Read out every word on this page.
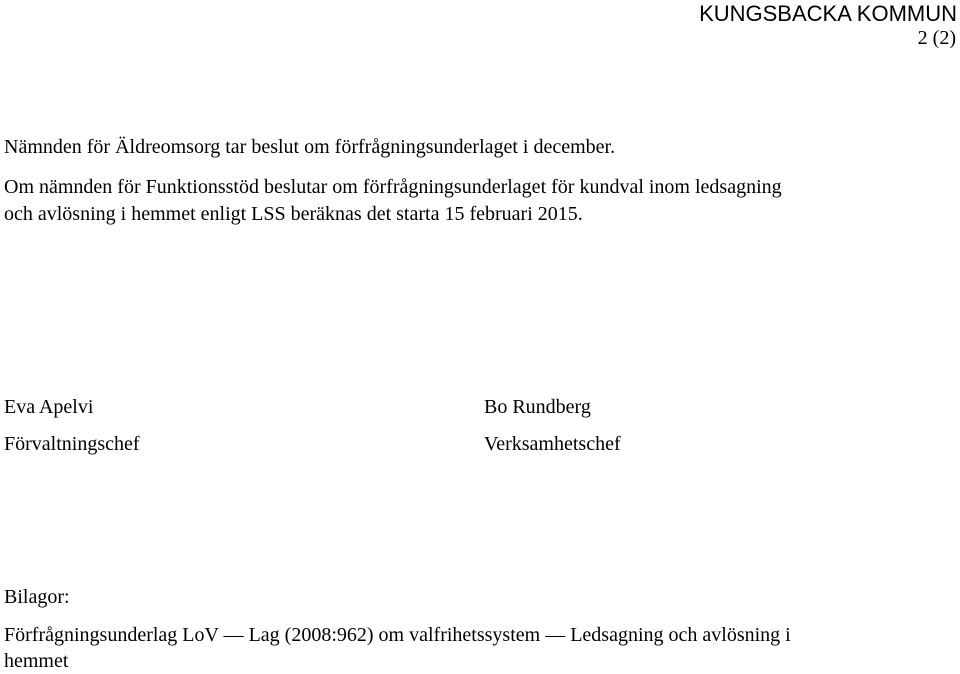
KUNGSBACKA KOMMUN
2 (2)
Nämnden för Äldreomsorg tar beslut om förfrågningsunderlaget i december.
Om nämnden för Funktionsstöd beslutar om förfrågningsunderlaget för kundval inom ledsagning
och avlösning i hemmet enligt LSS beräknas det starta 15 februari 2015.
Eva Apelvi
Förvaltningschef
Bo Rundberg
Verksamhetschef
Bilagor:
Förfrågningsunderlag LoV — Lag (2008:962) om valfrihetssystem — Ledsagning och avlösning i
hemmet
